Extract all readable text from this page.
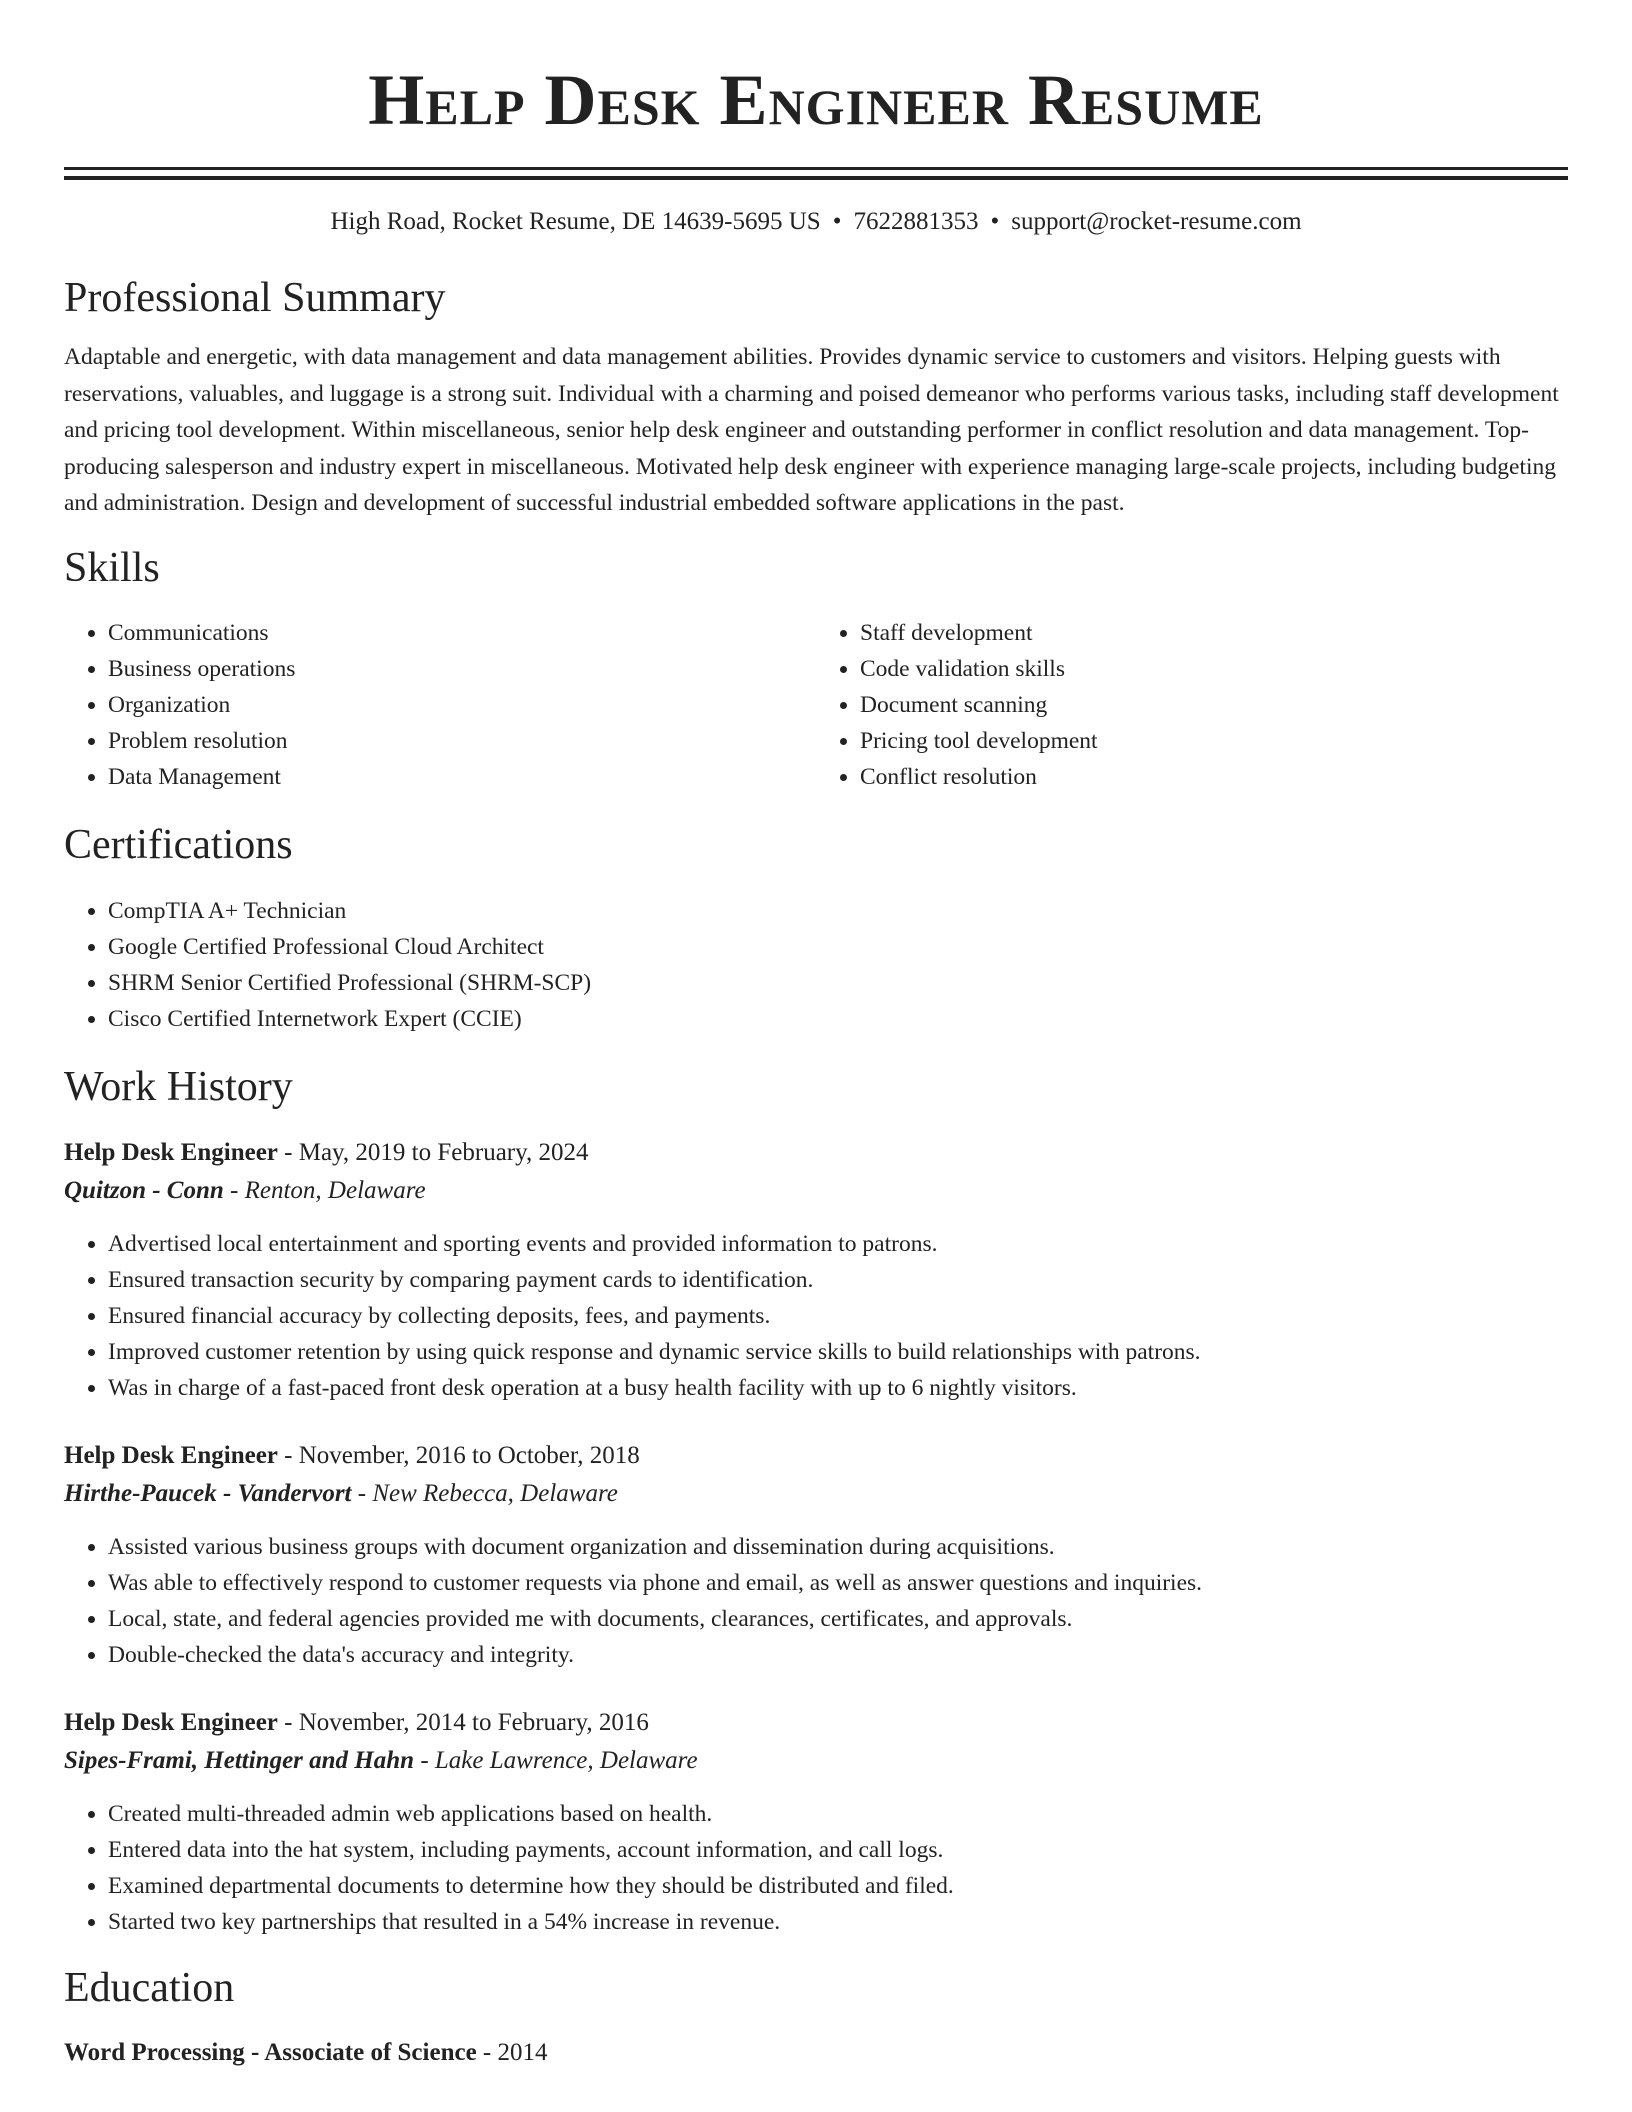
Help Desk Engineer Resume
High Road, Rocket Resume, DE 14639-5695 US • 7622881353 • support@rocket-resume.com
Professional Summary

Adaptable and energetic, with data management and data management abilities. Provides dynamic service to customers and visitors. Helping guests with reservations, valuables, and luggage is a strong suit. Individual with a charming and poised demeanor who performs various tasks, including staff development and pricing tool development. Within miscellaneous, senior help desk engineer and outstanding performer in conflict resolution and data management. Top-producing salesperson and industry expert in miscellaneous. Motivated help desk engineer with experience managing large-scale projects, including budgeting and administration. Design and development of successful industrial embedded software applications in the past.

Skills
• Communications
• Business operations
• Organization
• Problem resolution
• Data Management
• Staff development
• Code validation skills
• Document scanning
• Pricing tool development
• Conflict resolution
Certifications
• CompTIA A+ Technician
• Google Certified Professional Cloud Architect
• SHRM Senior Certified Professional (SHRM-SCP)
• Cisco Certified Internetwork Expert (CCIE)
Work History
Help Desk Engineer - May, 2019 to February, 2024
Quitzon - Conn - Renton, Delaware
• Advertised local entertainment and sporting events and provided information to patrons.
• Ensured transaction security by comparing payment cards to identification.
• Ensured financial accuracy by collecting deposits, fees, and payments.
• Improved customer retention by using quick response and dynamic service skills to build relationships with patrons.
• Was in charge of a fast-paced front desk operation at a busy health facility with up to 6 nightly visitors.
Help Desk Engineer - November, 2016 to October, 2018
Hirthe-Paucek - Vandervort - New Rebecca, Delaware
• Assisted various business groups with document organization and dissemination during acquisitions.
• Was able to effectively respond to customer requests via phone and email, as well as answer questions and inquiries.
• Local, state, and federal agencies provided me with documents, clearances, certificates, and approvals.
• Double-checked the data's accuracy and integrity.
Help Desk Engineer - November, 2014 to February, 2016
Sipes-Frami, Hettinger and Hahn - Lake Lawrence, Delaware
• Created multi-threaded admin web applications based on health.
• Entered data into the hat system, including payments, account information, and call logs.
• Examined departmental documents to determine how they should be distributed and filed.
• Started two key partnerships that resulted in a 54% increase in revenue.
Education
Word Processing - Associate of Science - 2014
